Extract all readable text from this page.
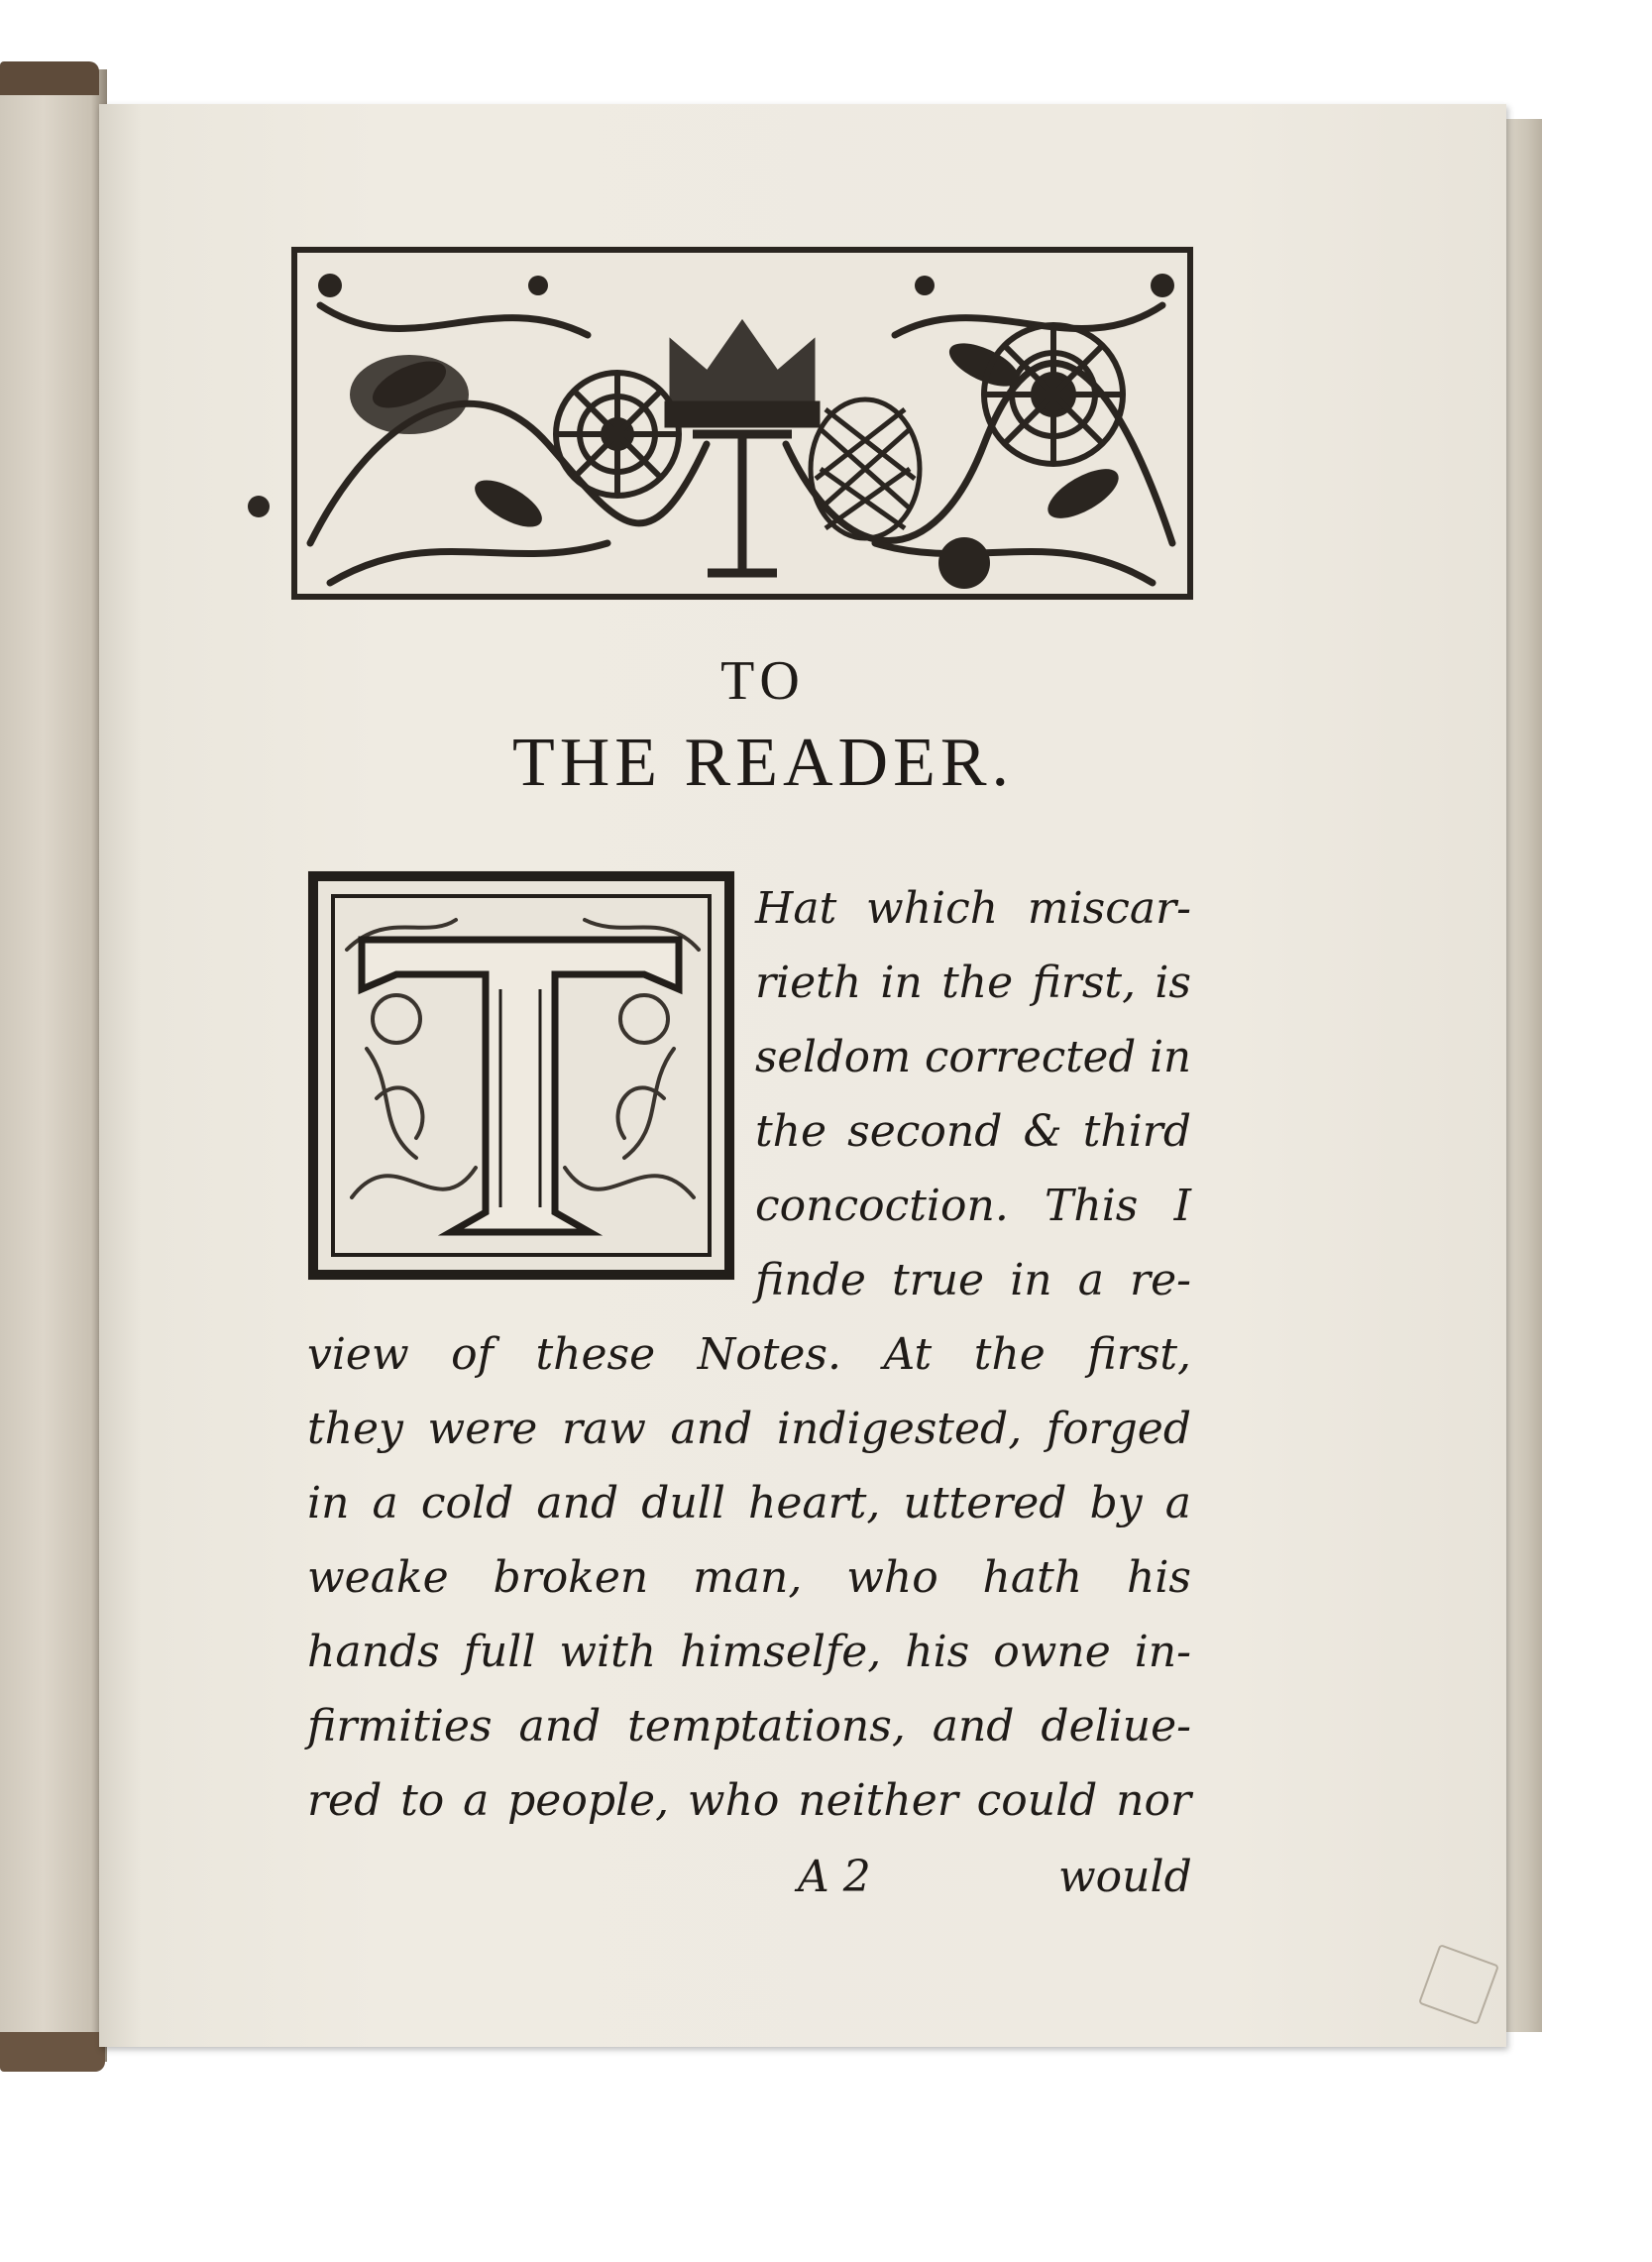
TO
THE READER.
Hat which miscar-
rieth in the first, is
seldom corrected in
the second & third
concoction. This I
finde true in a re-
view of these Notes. At the first,
they were raw and indigested, forged
in a cold and dull heart, uttered by a
weake broken man, who hath his
hands full with himselfe, his owne in-
firmities and temptations, and deliue-
red to a people, who neither could nor
A 2	would
